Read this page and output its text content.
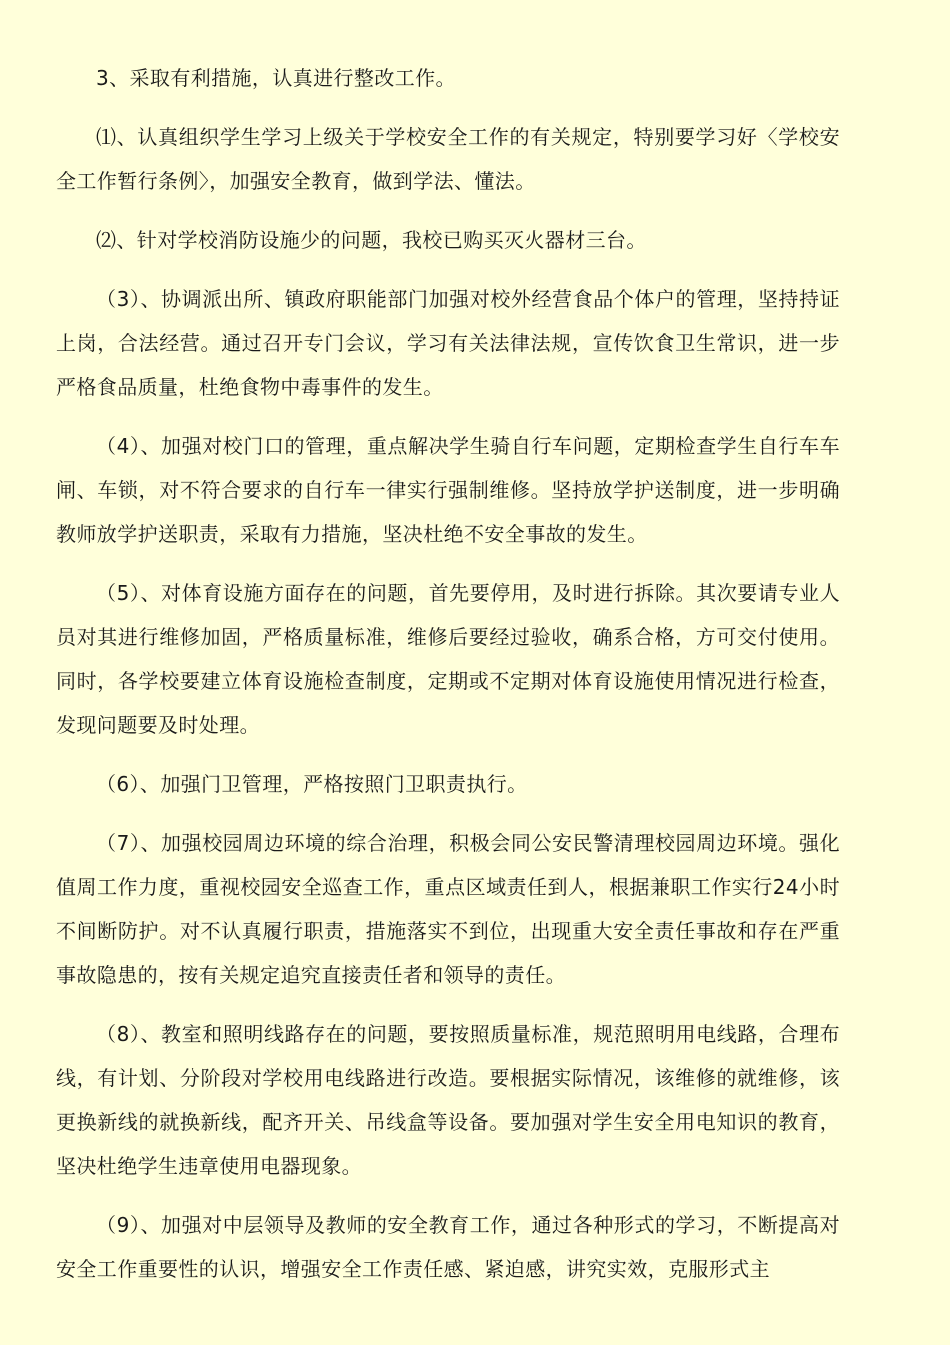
3、采取有利措施，认真进行整改工作。

⑴、认真组织学生学习上级关于学校安全工作的有关规定，特别要学习好〈学校安全工作暂行条例〉，加强安全教育，做到学法、懂法。

⑵、针对学校消防设施少的问题，我校已购买灭火器材三台。

（3）、协调派出所、镇政府职能部门加强对校外经营食品个体户的管理，坚持持证上岗，合法经营。通过召开专门会议，学习有关法律法规，宣传饮食卫生常识，进一步严格食品质量，杜绝食物中毒事件的发生。

（4）、加强对校门口的管理，重点解决学生骑自行车问题，定期检查学生自行车车闸、车锁，对不符合要求的自行车一律实行强制维修。坚持放学护送制度，进一步明确教师放学护送职责，采取有力措施，坚决杜绝不安全事故的发生。

（5）、对体育设施方面存在的问题，首先要停用，及时进行拆除。其次要请专业人员对其进行维修加固，严格质量标准，维修后要经过验收，确系合格，方可交付使用。同时，各学校要建立体育设施检查制度，定期或不定期对体育设施使用情况进行检查，发现问题要及时处理。

（6）、加强门卫管理，严格按照门卫职责执行。

（7）、加强校园周边环境的综合治理，积极会同公安民警清理校园周边环境。强化值周工作力度，重视校园安全巡查工作，重点区域责任到人，根据兼职工作实行24小时不间断防护。对不认真履行职责，措施落实不到位，出现重大安全责任事故和存在严重事故隐患的，按有关规定追究直接责任者和领导的责任。

（8）、教室和照明线路存在的问题，要按照质量标准，规范照明用电线路，合理布线，有计划、分阶段对学校用电线路进行改造。要根据实际情况，该维修的就维修，该更换新线的就换新线，配齐开关、吊线盒等设备。要加强对学生安全用电知识的教育，坚决杜绝学生违章使用电器现象。

（9）、加强对中层领导及教师的安全教育工作，通过各种形式的学习，不断提高对安全工作重要性的认识，增强安全工作责任感、紧迫感，讲究实效，克服形式主
